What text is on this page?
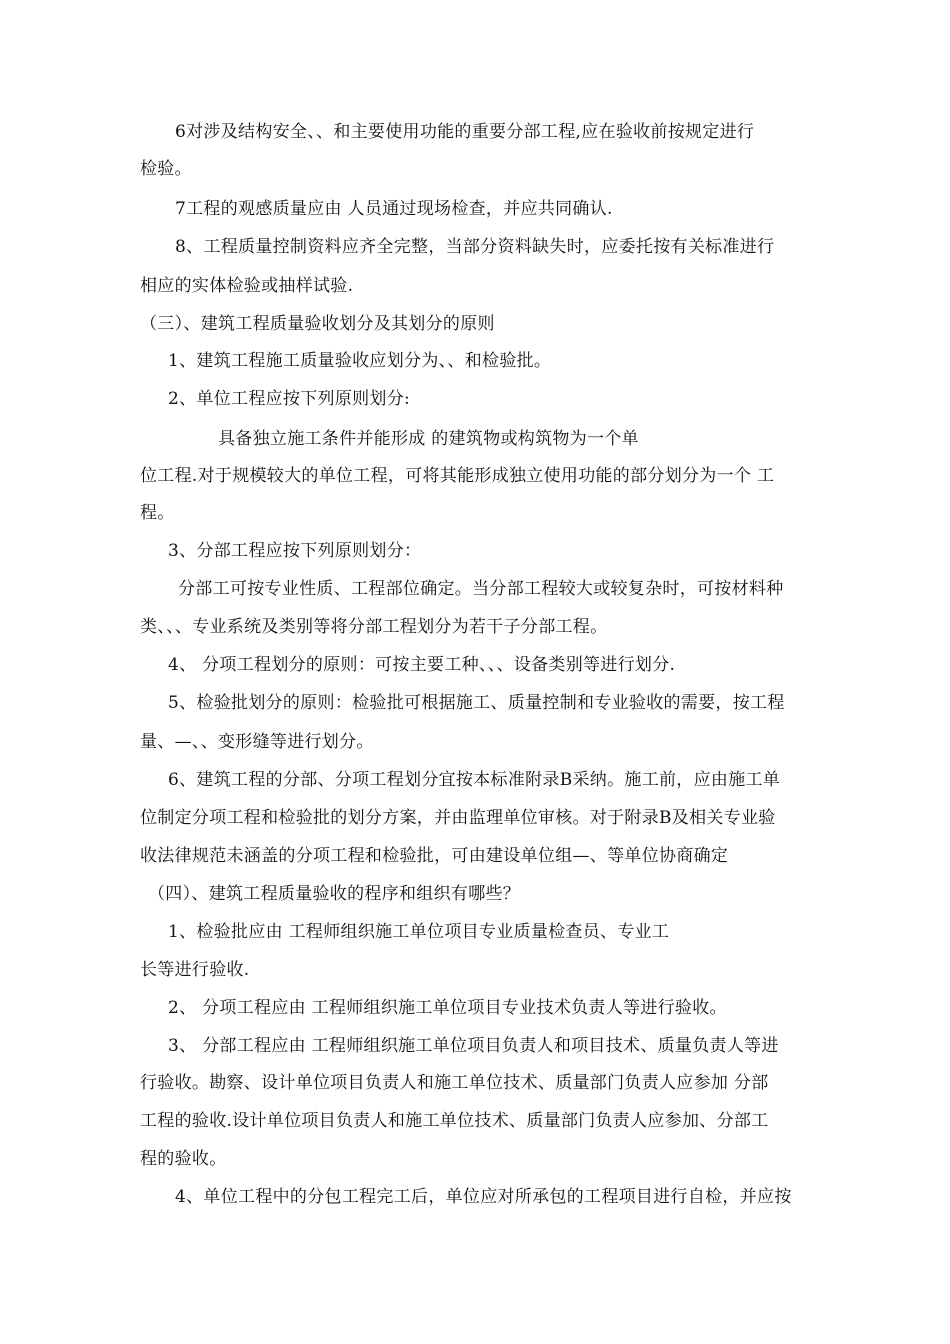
6对涉及结构安全、、和主要使用功能的重要分部工程,应在验收前按规定进行
检验。
7工程的观感质量应由 人员通过现场检查，并应共同确认.
8、工程质量控制资料应齐全完整，当部分资料缺失时，应委托按有关标准进行
相应的实体检验或抽样试验.
（三）、建筑工程质量验收划分及其划分的原则
1、建筑工程施工质量验收应划分为、、和检验批。
2、单位工程应按下列原则划分:
具备独立施工条件并能形成 的建筑物或构筑物为一个单
位工程.对于规模较大的单位工程，可将其能形成独立使用功能的部分划分为一个 工
程。
3、分部工程应按下列原则划分：
分部工可按专业性质、工程部位确定。当分部工程较大或较复杂时，可按材料种
类、、、专业系统及类别等将分部工程划分为若干子分部工程。
4、 分项工程划分的原则：可按主要工种、、、设备类别等进行划分.
5、检验批划分的原则：检验批可根据施工、质量控制和专业验收的需要，按工程
量、—、、变形缝等进行划分。
6、建筑工程的分部、分项工程划分宜按本标准附录B采纳。施工前，应由施工单
位制定分项工程和检验批的划分方案，并由监理单位审核。对于附录B及相关专业验
收法律规范未涵盖的分项工程和检验批，可由建设单位组—、等单位协商确定
（四）、建筑工程质量验收的程序和组织有哪些？
1、检验批应由 工程师组织施工单位项目专业质量检查员、专业工
长等进行验收.
2、 分项工程应由 工程师组织施工单位项目专业技术负责人等进行验收。
3、 分部工程应由 工程师组织施工单位项目负责人和项目技术、质量负责人等进
行验收。勘察、设计单位项目负责人和施工单位技术、质量部门负责人应参加 分部
工程的验收.设计单位项目负责人和施工单位技术、质量部门负责人应参加、分部工
程的验收。
4、单位工程中的分包工程完工后，单位应对所承包的工程项目进行自检，并应按
